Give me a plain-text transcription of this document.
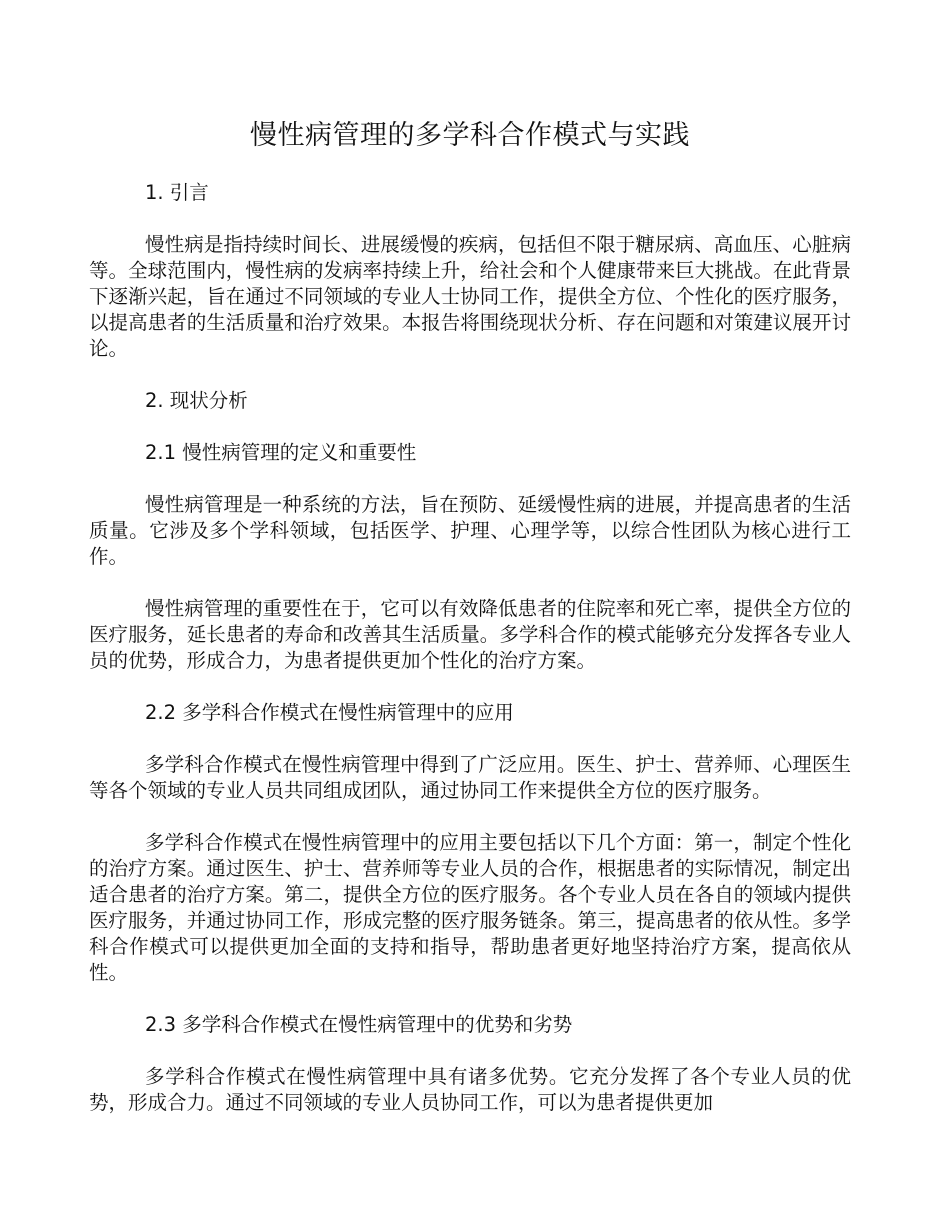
慢性病管理的多学科合作模式与实践
1. 引言

慢性病是指持续时间长、进展缓慢的疾病，包括但不限于糖尿病、高血压、心脏病等。全球范围内，慢性病的发病率持续上升，给社会和个人健康带来巨大挑战。在此背景下逐渐兴起，旨在通过不同领域的专业人士协同工作，提供全方位、个性化的医疗服务，以提高患者的生活质量和治疗效果。本报告将围绕现状分析、存在问题和对策建议展开讨论。

2. 现状分析
2.1 慢性病管理的定义和重要性

慢性病管理是一种系统的方法，旨在预防、延缓慢性病的进展，并提高患者的生活质量。它涉及多个学科领域，包括医学、护理、心理学等，以综合性团队为核心进行工作。

慢性病管理的重要性在于，它可以有效降低患者的住院率和死亡率，提供全方位的医疗服务，延长患者的寿命和改善其生活质量。多学科合作的模式能够充分发挥各专业人员的优势，形成合力，为患者提供更加个性化的治疗方案。

2.2 多学科合作模式在慢性病管理中的应用

多学科合作模式在慢性病管理中得到了广泛应用。医生、护士、营养师、心理医生等各个领域的专业人员共同组成团队，通过协同工作来提供全方位的医疗服务。

多学科合作模式在慢性病管理中的应用主要包括以下几个方面：第一，制定个性化的治疗方案。通过医生、护士、营养师等专业人员的合作，根据患者的实际情况，制定出适合患者的治疗方案。第二，提供全方位的医疗服务。各个专业人员在各自的领域内提供医疗服务，并通过协同工作，形成完整的医疗服务链条。第三，提高患者的依从性。多学科合作模式可以提供更加全面的支持和指导，帮助患者更好地坚持治疗方案，提高依从性。

2.3 多学科合作模式在慢性病管理中的优势和劣势

多学科合作模式在慢性病管理中具有诸多优势。它充分发挥了各个专业人员的优势，形成合力。通过不同领域的专业人员协同工作，可以为患者提供更加
